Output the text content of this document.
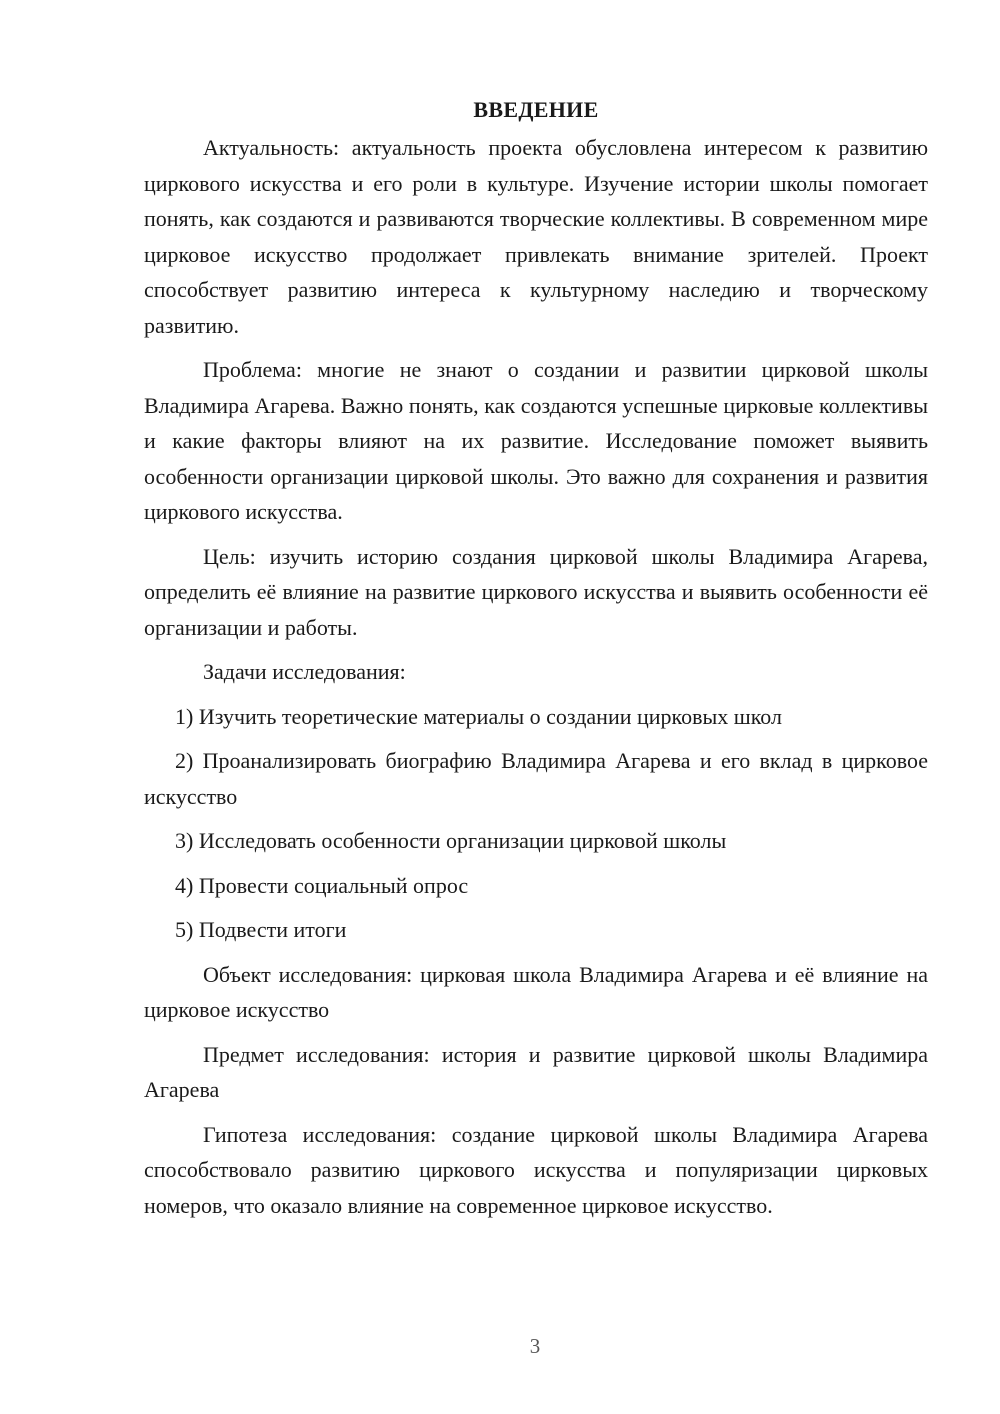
ВВЕДЕНИЕ

Актуальность: актуальность проекта обусловлена интересом к развитию циркового искусства и его роли в культуре. Изучение истории школы помогает понять, как создаются и развиваются творческие коллективы. В современном мире цирковое искусство продолжает привлекать внимание зрителей. Проект способствует развитию интереса к культурному наследию и творческому развитию.

Проблема: многие не знают о создании и развитии цирковой школы Владимира Агарева. Важно понять, как создаются успешные цирковые коллективы и какие факторы влияют на их развитие. Исследование поможет выявить особенности организации цирковой школы. Это важно для сохранения и развития циркового искусства.

Цель: изучить историю создания цирковой школы Владимира Агарева, определить её влияние на развитие циркового искусства и выявить особенности её организации и работы.

Задачи исследования:

1) Изучить теоретические материалы о создании цирковых школ

2) Проанализировать биографию Владимира Агарева и его вклад в цирковое искусство

3) Исследовать особенности организации цирковой школы

4) Провести социальный опрос

5) Подвести итоги

Объект исследования: цирковая школа Владимира Агарева и её влияние на цирковое искусство

Предмет исследования: история и развитие цирковой школы Владимира Агарева

Гипотеза исследования: создание цирковой школы Владимира Агарева способствовало развитию циркового искусства и популяризации цирковых номеров, что оказало влияние на современное цирковое искусство.

3
